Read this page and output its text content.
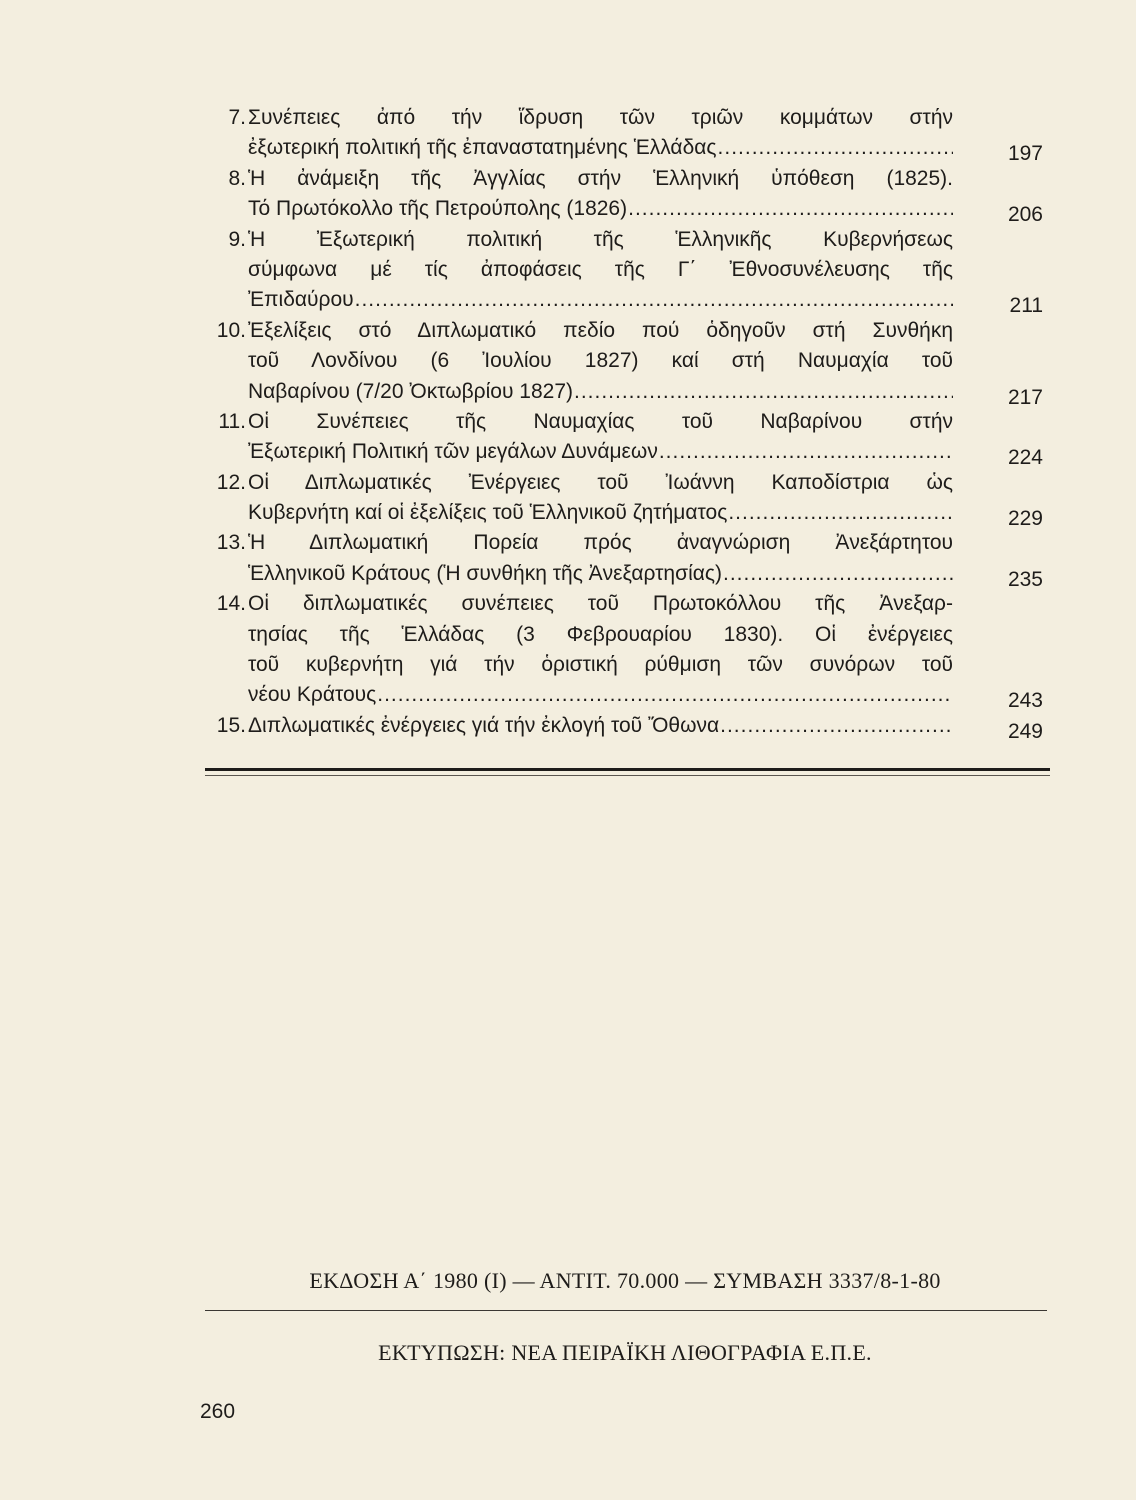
7. Συνέπειες ἀπό τήν ἵδρυση τῶν τριῶν κομμάτων στήν
ἐξωτερική πολιτική τῆς ἐπαναστατημένης Ἑλλάδας .....	197
8. Ἡ ἀνάμειξη τῆς Ἀγγλίας στήν Ἑλληνική ὑπόθεση (1825).
Τό Πρωτόκολλο τῆς Πετρούπολης (1826) .....	206
9. Ἡ Ἐξωτερική πολιτική τῆς Ἑλληνικῆς Κυβερνήσεως
σύμφωνα μέ τίς ἀποφάσεις τῆς Γ΄ Ἐθνοσυνέλευσης τῆς
Ἐπιδαύρου .....	211
10. Ἐξελίξεις στό Διπλωματικό πεδίο πού ὁδηγοῦν στή Συνθήκη
τοῦ Λονδίνου (6 Ἰουλίου 1827) καί στή Ναυμαχία τοῦ
Ναβαρίνου (7/20 Ὀκτωβρίου 1827) .....	217
11. Οἱ Συνέπειες τῆς Ναυμαχίας τοῦ Ναβαρίνου στήν
Ἐξωτερική Πολιτική τῶν μεγάλων Δυνάμεων .....	224
12. Οἱ Διπλωματικές Ἐνέργειες τοῦ Ἰωάννη Καποδίστρια ὡς
Κυβερνήτη καί οἱ ἐξελίξεις τοῦ Ἑλληνικοῦ ζητήματος .....	229
13. Ἡ Διπλωματική Πορεία πρός ἀναγνώριση Ἀνεξάρτητου
Ἑλληνικοῦ Κράτους (Ἡ συνθήκη τῆς Ἀνεξαρτησίας) .....	235
14. Οἱ διπλωματικές συνέπειες τοῦ Πρωτοκόλλου τῆς Ἀνεξαρ-
τησίας τῆς Ἑλλάδας (3 Φεβρουαρίου 1830). Οἱ ἐνέργειες
τοῦ κυβερνήτη γιά τήν ὁριστική ρύθμιση τῶν συνόρων τοῦ
νέου Κράτους .....	243
15. Διπλωματικές ἐνέργειες γιά τήν ἐκλογή τοῦ Ὄθωνα .....	249
ΕΚΔΟΣΗ Α΄ 1980 (Ι) — ΑΝΤΙΤ. 70.000 — ΣΥΜΒΑΣΗ 3337/8-1-80
ΕΚΤΥΠΩΣΗ: ΝΕΑ ΠΕΙΡΑΪΚΗ ΛΙΘΟΓΡΑΦΙΑ Ε.Π.Ε.
260
